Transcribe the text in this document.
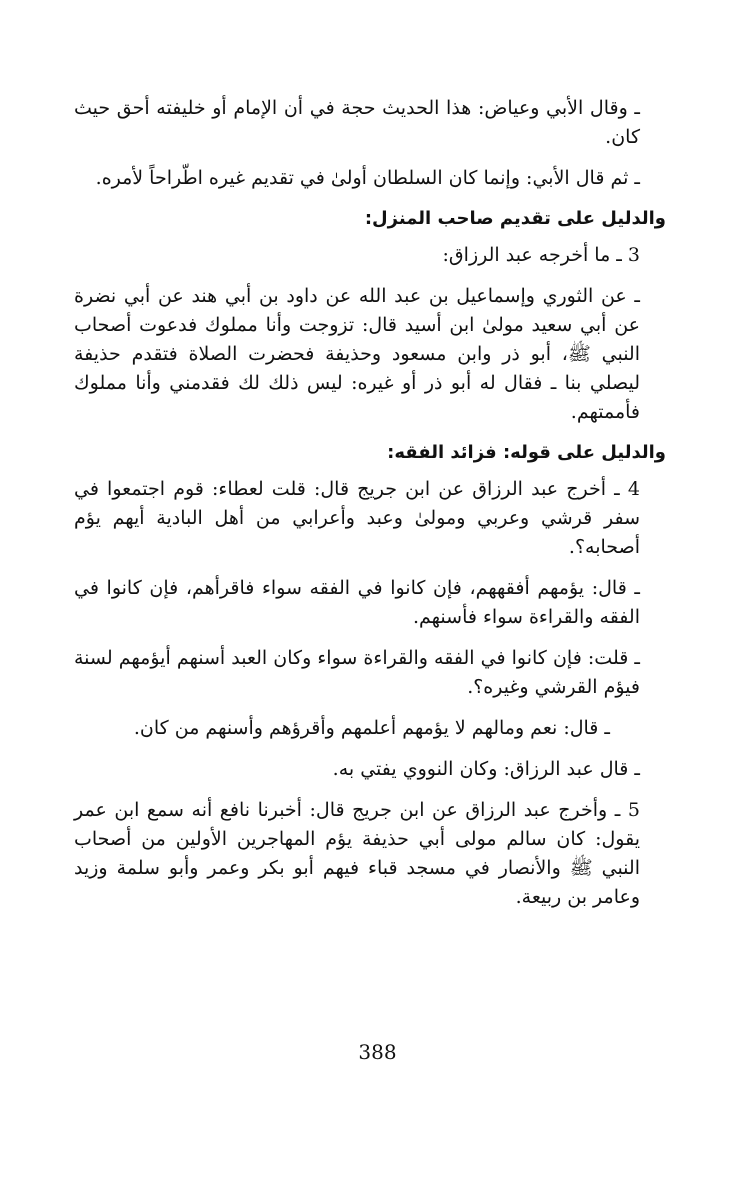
ـ وقال الأبي وعياض: هذا الحديث حجة في أن الإمام أو خليفته أحق حيث كان.

ـ ثم قال الأبي: وإنما كان السلطان أولىٰ في تقديم غيره اطّراحاً لأمره.

والدليل على تقديم صاحب المنزل:

3 ـ ما أخرجه عبد الرزاق:

ـ عن الثوري وإسماعيل بن عبد الله عن داود بن أبي هند عن أبي نضرة عن أبي سعيد مولىٰ ابن أسيد قال: تزوجت وأنا مملوك فدعوت أصحاب النبي ﷺ، أبو ذر وابن مسعود وحذيفة فحضرت الصلاة فتقدم حذيفة ليصلي بنا ـ فقال له أبو ذر أو غيره: ليس ذلك لك فقدمني وأنا مملوك فأممتهم.

والدليل على قوله: فزائد الفقه:

4 ـ أخرج عبد الرزاق عن ابن جريج قال: قلت لعطاء: قوم اجتمعوا في سفر قرشي وعربي ومولىٰ وعبد وأعرابي من أهل البادية أيهم يؤم أصحابه؟.

ـ قال: يؤمهم أفقههم، فإن كانوا في الفقه سواء فاقرأهم، فإن كانوا في الفقه والقراءة سواء فأسنهم.

ـ قلت: فإن كانوا في الفقه والقراءة سواء وكان العبد أسنهم أيؤمهم لسنة فيؤم القرشي وغيره؟.

ـ قال: نعم ومالهم لا يؤمهم أعلمهم وأقرؤهم وأسنهم من كان.

ـ قال عبد الرزاق: وكان النووي يفتي به.

5 ـ وأخرج عبد الرزاق عن ابن جريج قال: أخبرنا نافع أنه سمع ابن عمر يقول: كان سالم مولى أبي حذيفة يؤم المهاجرين الأولين من أصحاب النبي ﷺ والأنصار في مسجد قباء فيهم أبو بكر وعمر وأبو سلمة وزيد وعامر بن ربيعة.

388
